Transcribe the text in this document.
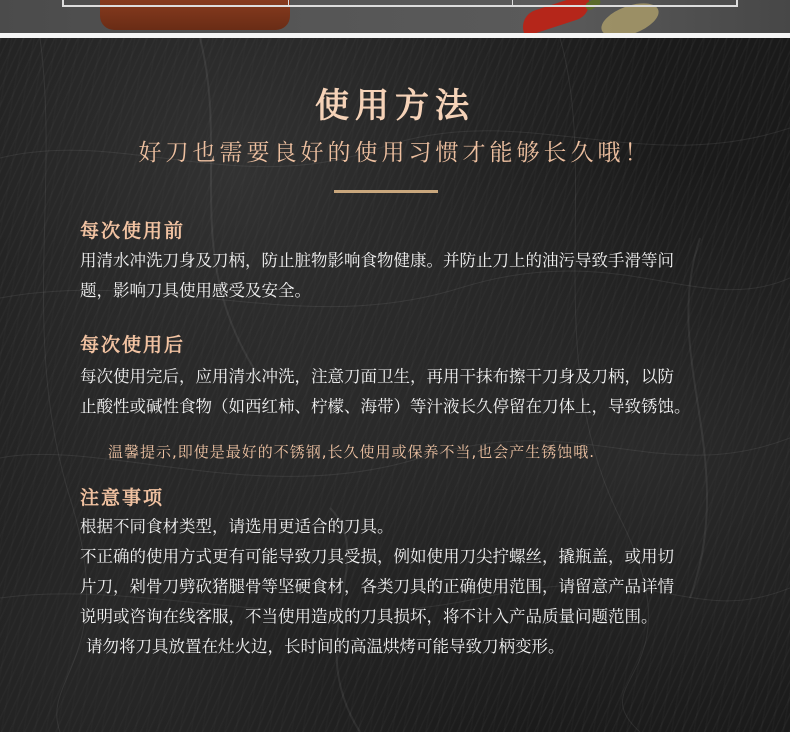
使用方法

好刀也需要良好的使用习惯才能够长久哦！

每次使用前

用清水冲洗刀身及刀柄，防止脏物影响食物健康。并防止刀上的油污导致手滑等问
题，影响刀具使用感受及安全。

每次使用后

每次使用完后，应用清水冲洗，注意刀面卫生，再用干抹布擦干刀身及刀柄，以防
止酸性或碱性食物（如西红柿、柠檬、海带）等汁液长久停留在刀体上，导致锈蚀。

温馨提示,即使是最好的不锈钢,长久使用或保养不当,也会产生锈蚀哦.

注意事项

根据不同食材类型，请选用更适合的刀具。
不正确的使用方式更有可能导致刀具受损，例如使用刀尖拧螺丝，撬瓶盖，或用切
片刀，剁骨刀劈砍猪腿骨等坚硬食材，各类刀具的正确使用范围，请留意产品详情
说明或咨询在线客服，不当使用造成的刀具损坏，将不计入产品质量问题范围。
请勿将刀具放置在灶火边，长时间的高温烘烤可能导致刀柄变形。
